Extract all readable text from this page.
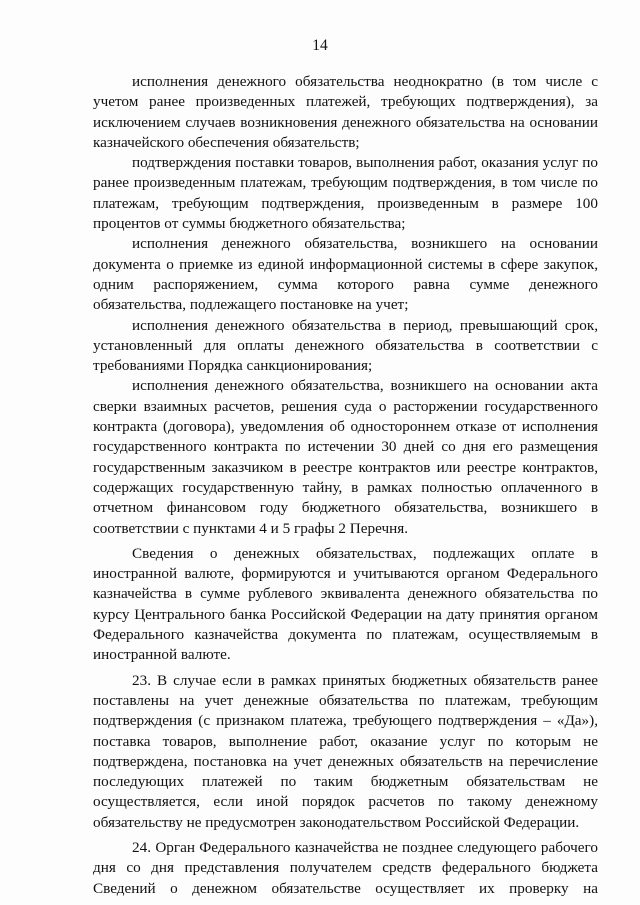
14

исполнения денежного обязательства неоднократно (в том числе с учетом ранее произведенных платежей, требующих подтверждения), за исключением случаев возникновения денежного обязательства на основании казначейского обеспечения обязательств;

подтверждения поставки товаров, выполнения работ, оказания услуг по ранее произведенным платежам, требующим подтверждения, в том числе по платежам, требующим подтверждения, произведенным в размере 100 процентов от суммы бюджетного обязательства;

исполнения денежного обязательства, возникшего на основании документа о приемке из единой информационной системы в сфере закупок, одним распоряжением, сумма которого равна сумме денежного обязательства, подлежащего постановке на учет;

исполнения денежного обязательства в период, превышающий срок, установленный для оплаты денежного обязательства в соответствии с требованиями Порядка санкционирования;

исполнения денежного обязательства, возникшего на основании акта сверки взаимных расчетов, решения суда о расторжении государственного контракта (договора), уведомления об одностороннем отказе от исполнения государственного контракта по истечении 30 дней со дня его размещения государственным заказчиком в реестре контрактов или реестре контрактов, содержащих государственную тайну, в рамках полностью оплаченного в отчетном финансовом году бюджетного обязательства, возникшего в соответствии с пунктами 4 и 5 графы 2 Перечня.

Сведения о денежных обязательствах, подлежащих оплате в иностранной валюте, формируются и учитываются органом Федерального казначейства в сумме рублевого эквивалента денежного обязательства по курсу Центрального банка Российской Федерации на дату принятия органом Федерального казначейства документа по платежам, осуществляемым в иностранной валюте.

23. В случае если в рамках принятых бюджетных обязательств ранее поставлены на учет денежные обязательства по платежам, требующим подтверждения (с признаком платежа, требующего подтверждения – «Да»), поставка товаров, выполнение работ, оказание услуг по которым не подтверждена, постановка на учет денежных обязательств на перечисление последующих платежей по таким бюджетным обязательствам не осуществляется, если иной порядок расчетов по такому денежному обязательству не предусмотрен законодательством Российской Федерации.

24. Орган Федерального казначейства не позднее следующего рабочего дня со дня представления получателем средств федерального бюджета Сведений о денежном обязательстве осуществляет их проверку на
